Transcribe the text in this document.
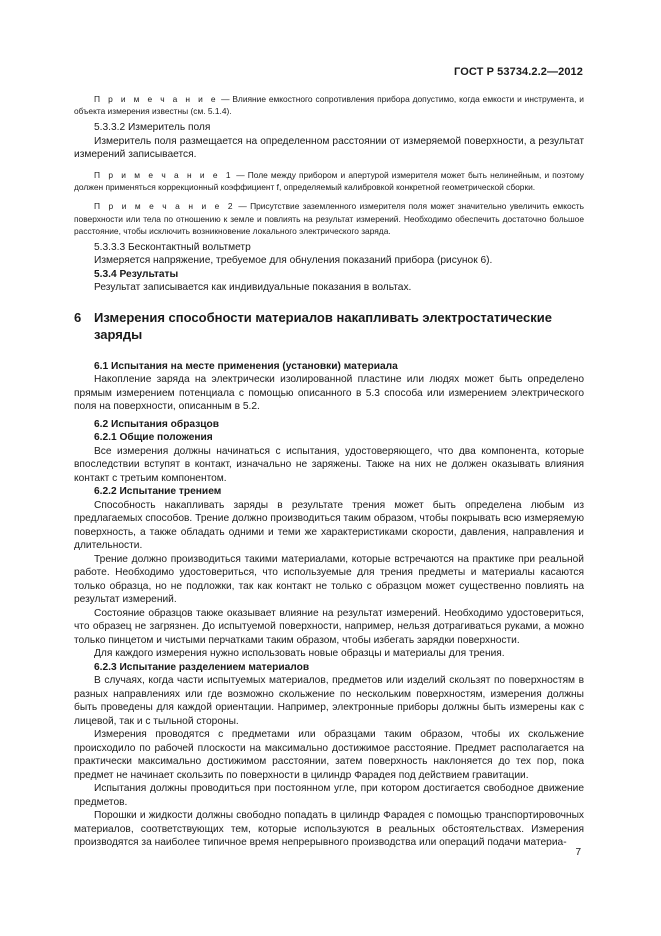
ГОСТ Р 53734.2.2—2012

П р и м е ч а н и е — Влияние емкостного сопротивления прибора допустимо, когда емкости и инструмента, и объекта измерения известны (см. 5.1.4).

5.3.3.2 Измеритель поля

Измеритель поля размещается на определенном расстоянии от измеряемой поверхности, а результат измерений записывается.

П р и м е ч а н и е 1 — Поле между прибором и апертурой измерителя может быть нелинейным, и поэтому должен применяться коррекционный коэффициент f, определяемый калибровкой конкретной геометрической сборки.

П р и м е ч а н и е 2 — Присутствие заземленного измерителя поля может значительно увеличить емкость поверхности или тела по отношению к земле и повлиять на результат измерений. Необходимо обеспечить достаточно большое расстояние, чтобы исключить возникновение локального электрического заряда.

5.3.3.3 Бесконтактный вольтметр

Измеряется напряжение, требуемое для обнуления показаний прибора (рисунок 6).

5.3.4 Результаты

Результат записывается как индивидуальные показания в вольтах.

6 Измерения способности материалов накапливать электростатические заряды

6.1 Испытания на месте применения (установки) материала

Накопление заряда на электрически изолированной пластине или людях может быть определено прямым измерением потенциала с помощью описанного в 5.3 способа или измерением электрического поля на поверхности, описанным в 5.2.

6.2 Испытания образцов

6.2.1 Общие положения

Все измерения должны начинаться с испытания, удостоверяющего, что два компонента, которые впоследствии вступят в контакт, изначально не заряжены. Также на них не должен оказывать влияния контакт с третьим компонентом.

6.2.2 Испытание трением

Способность накапливать заряды в результате трения может быть определена любым из предлагаемых способов. Трение должно производиться таким образом, чтобы покрывать всю измеряемую поверхность, а также обладать одними и теми же характеристиками скорости, давления, направления и длительности.

Трение должно производиться такими материалами, которые встречаются на практике при реальной работе. Необходимо удостовериться, что используемые для трения предметы и материалы касаются только образца, но не подложки, так как контакт не только с образцом может существенно повлиять на результат измерений.

Состояние образцов также оказывает влияние на результат измерений. Необходимо удостовериться, что образец не загрязнен. До испытуемой поверхности, например, нельзя дотрагиваться руками, а можно только пинцетом и чистыми перчатками таким образом, чтобы избегать зарядки поверхности.

Для каждого измерения нужно использовать новые образцы и материалы для трения.

6.2.3 Испытание разделением материалов

В случаях, когда части испытуемых материалов, предметов или изделий скользят по поверхностям в разных направлениях или где возможно скольжение по нескольким поверхностям, измерения должны быть проведены для каждой ориентации. Например, электронные приборы должны быть измерены как с лицевой, так и с тыльной стороны.

Измерения проводятся с предметами или образцами таким образом, чтобы их скольжение происходило по рабочей плоскости на максимально достижимое расстояние. Предмет располагается на практически максимально достижимом расстоянии, затем поверхность наклоняется до тех пор, пока предмет не начинает скользить по поверхности в цилиндр Фарадея под действием гравитации.

Испытания должны проводиться при постоянном угле, при котором достигается свободное движение предметов.

Порошки и жидкости должны свободно попадать в цилиндр Фарадея с помощью транспортировочных материалов, соответствующих тем, которые используются в реальных обстоятельствах. Измерения производятся за наиболее типичное время непрерывного производства или операций подачи материа-

7
